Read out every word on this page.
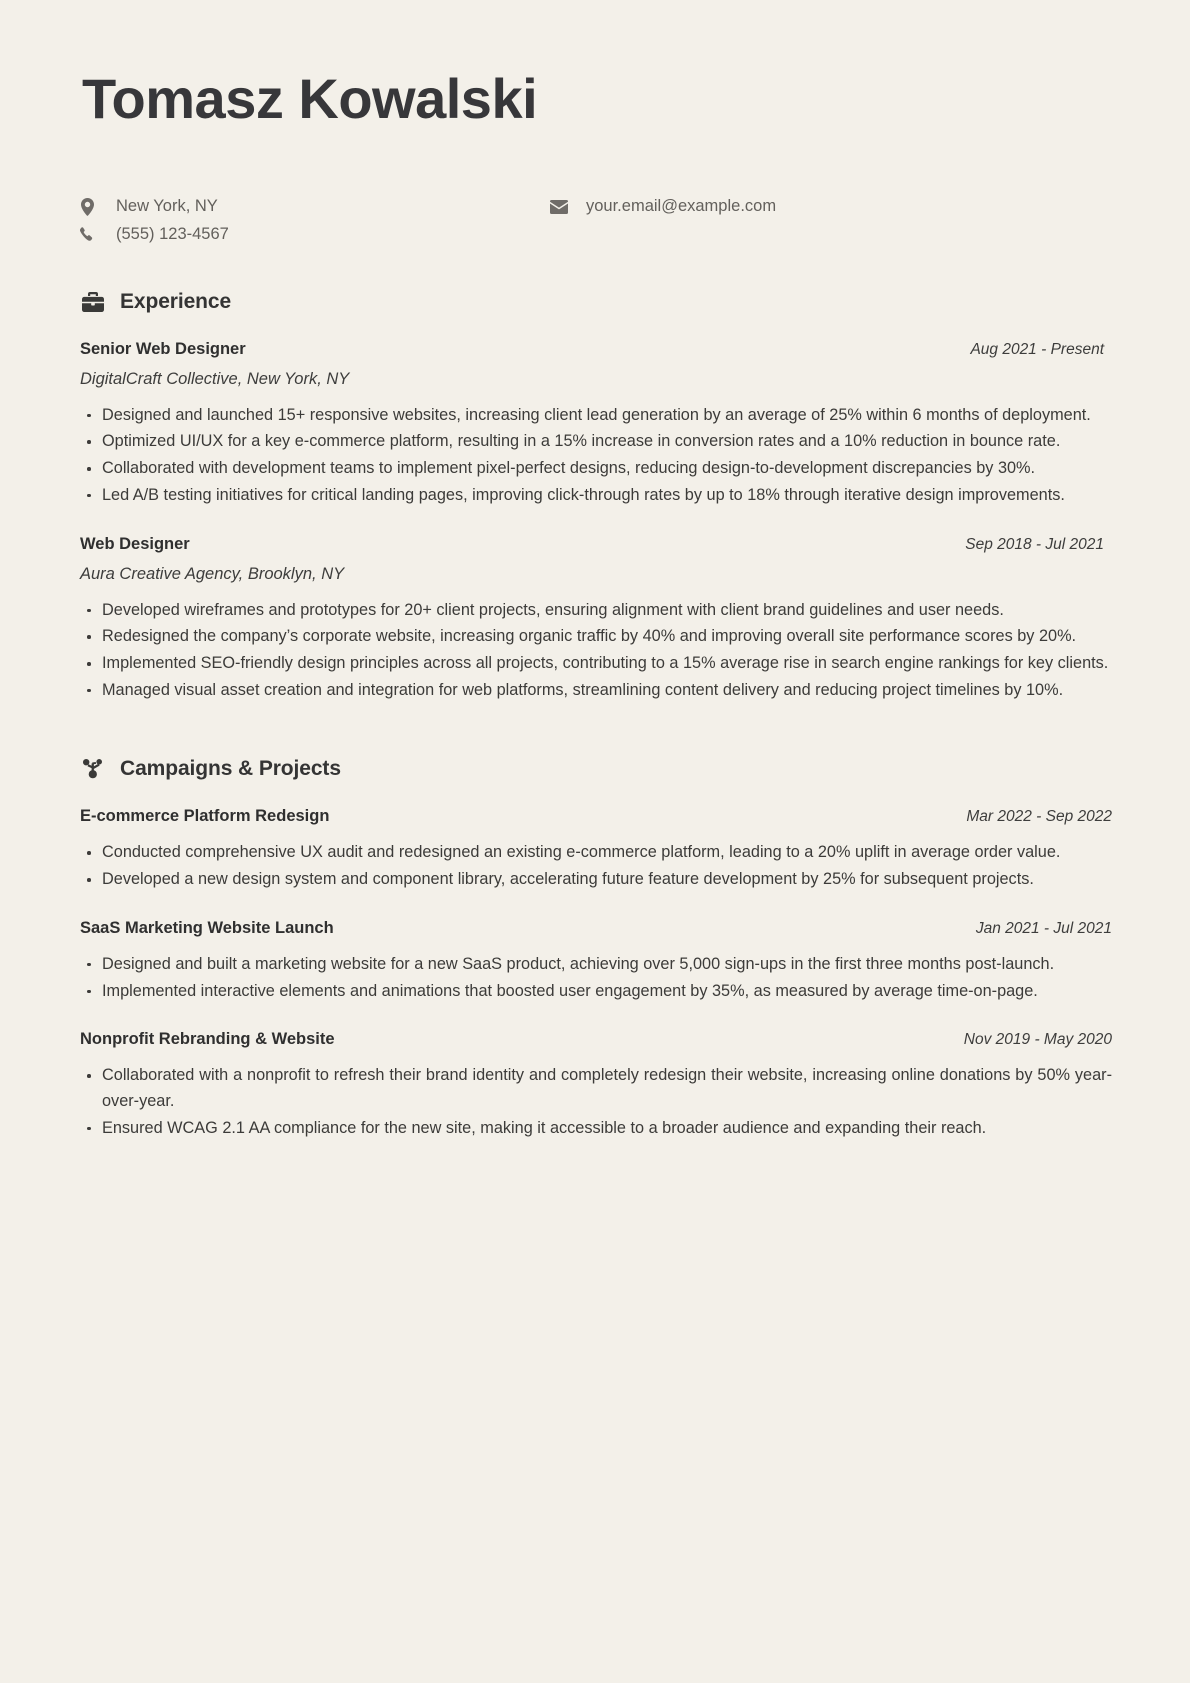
Tomasz Kowalski
New York, NY
(555) 123-4567
your.email@example.com
Experience
Senior Web Designer	Aug 2021 - Present
DigitalCraft Collective, New York, NY
Designed and launched 15+ responsive websites, increasing client lead generation by an average of 25% within 6 months of deployment.
Optimized UI/UX for a key e-commerce platform, resulting in a 15% increase in conversion rates and a 10% reduction in bounce rate.
Collaborated with development teams to implement pixel-perfect designs, reducing design-to-development discrepancies by 30%.
Led A/B testing initiatives for critical landing pages, improving click-through rates by up to 18% through iterative design improvements.
Web Designer	Sep 2018 - Jul 2021
Aura Creative Agency, Brooklyn, NY
Developed wireframes and prototypes for 20+ client projects, ensuring alignment with client brand guidelines and user needs.
Redesigned the company’s corporate website, increasing organic traffic by 40% and improving overall site performance scores by 20%.
Implemented SEO-friendly design principles across all projects, contributing to a 15% average rise in search engine rankings for key clients.
Managed visual asset creation and integration for web platforms, streamlining content delivery and reducing project timelines by 10%.
Campaigns & Projects
E-commerce Platform Redesign	Mar 2022 - Sep 2022
Conducted comprehensive UX audit and redesigned an existing e-commerce platform, leading to a 20% uplift in average order value.
Developed a new design system and component library, accelerating future feature development by 25% for subsequent projects.
SaaS Marketing Website Launch	Jan 2021 - Jul 2021
Designed and built a marketing website for a new SaaS product, achieving over 5,000 sign-ups in the first three months post-launch.
Implemented interactive elements and animations that boosted user engagement by 35%, as measured by average time-on-page.
Nonprofit Rebranding & Website	Nov 2019 - May 2020
Collaborated with a nonprofit to refresh their brand identity and completely redesign their website, increasing online donations by 50% year-over-year.
Ensured WCAG 2.1 AA compliance for the new site, making it accessible to a broader audience and expanding their reach.
